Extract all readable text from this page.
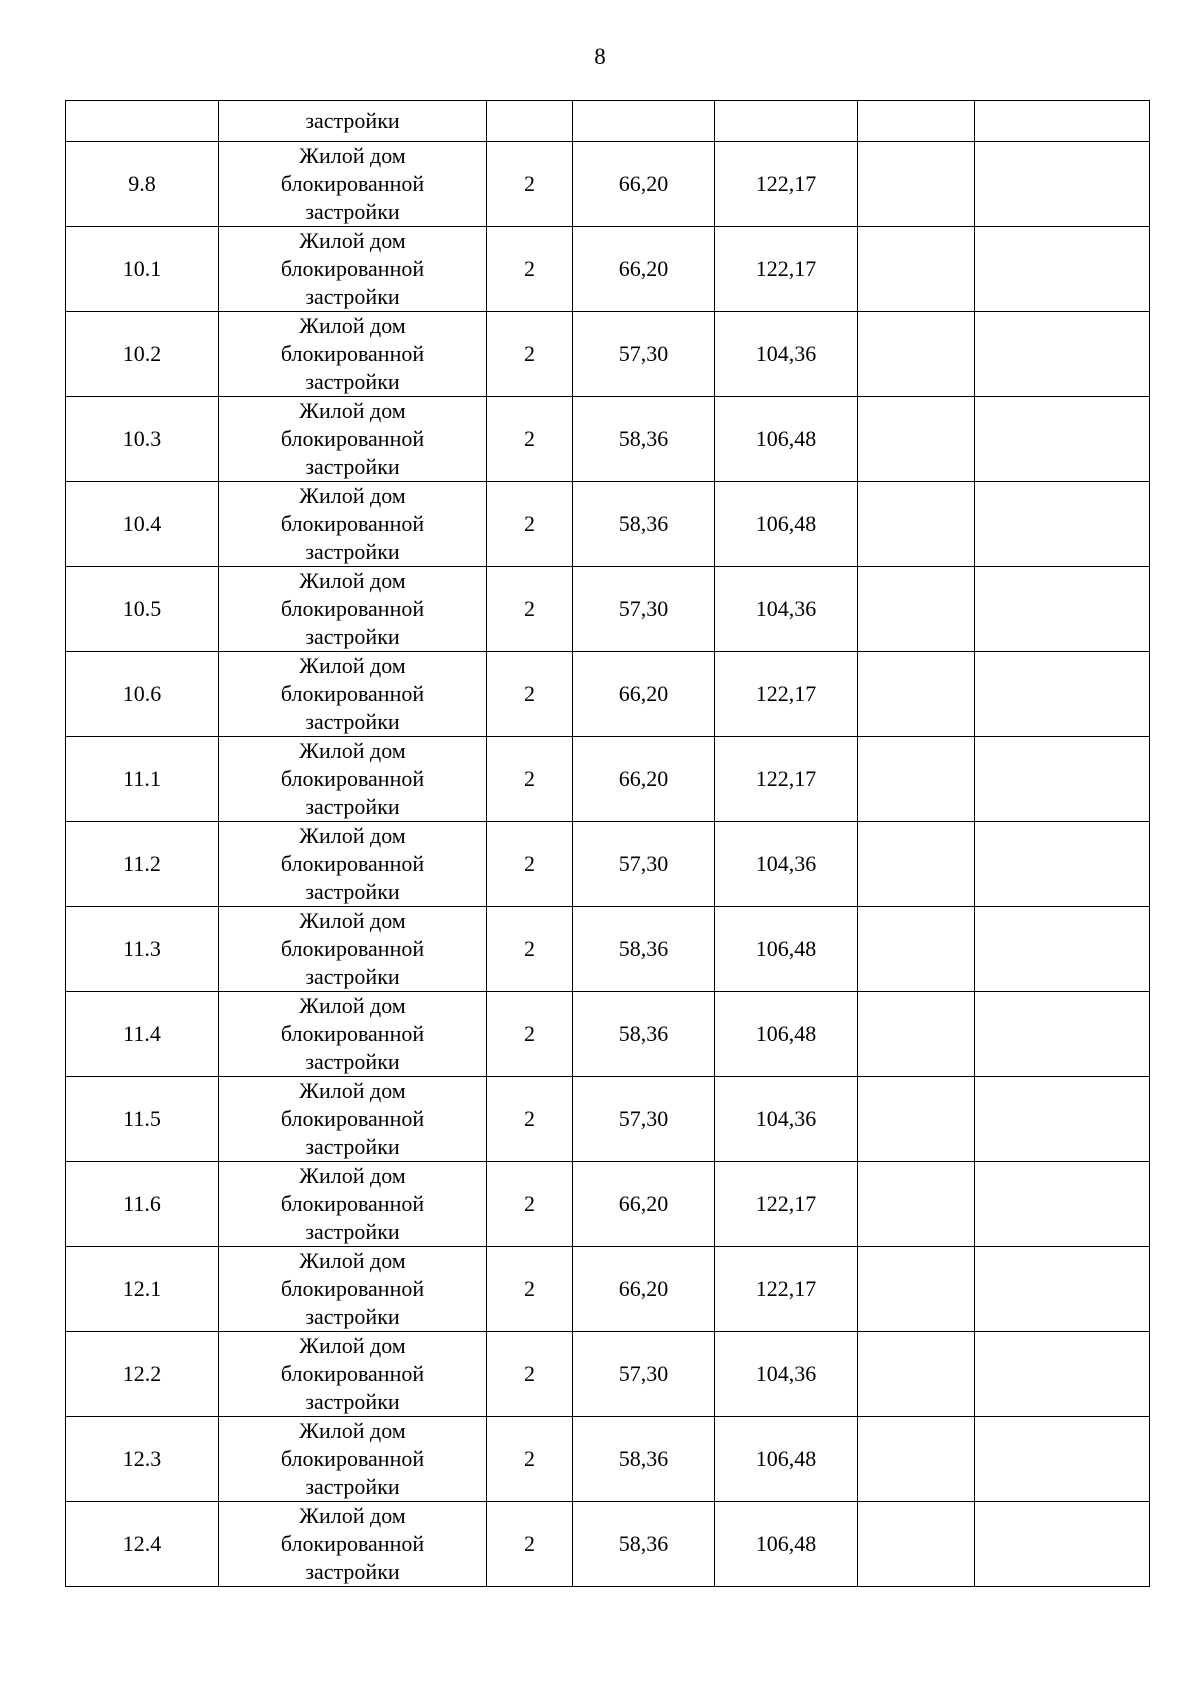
8

	застройки					

9.8	Жилой дом
блокированной
застройки	2	66,20	122,17		
10.1	Жилой дом
блокированной
застройки	2	66,20	122,17		
10.2	Жилой дом
блокированной
застройки	2	57,30	104,36		
10.3	Жилой дом
блокированной
застройки	2	58,36	106,48		
10.4	Жилой дом
блокированной
застройки	2	58,36	106,48		
10.5	Жилой дом
блокированной
застройки	2	57,30	104,36		
10.6	Жилой дом
блокированной
застройки	2	66,20	122,17		
11.1	Жилой дом
блокированной
застройки	2	66,20	122,17		
11.2	Жилой дом
блокированной
застройки	2	57,30	104,36		
11.3	Жилой дом
блокированной
застройки	2	58,36	106,48		
11.4	Жилой дом
блокированной
застройки	2	58,36	106,48		
11.5	Жилой дом
блокированной
застройки	2	57,30	104,36		
11.6	Жилой дом
блокированной
застройки	2	66,20	122,17		
12.1	Жилой дом
блокированной
застройки	2	66,20	122,17		
12.2	Жилой дом
блокированной
застройки	2	57,30	104,36		
12.3	Жилой дом
блокированной
застройки	2	58,36	106,48		
12.4	Жилой дом
блокированной
застройки	2	58,36	106,48		
